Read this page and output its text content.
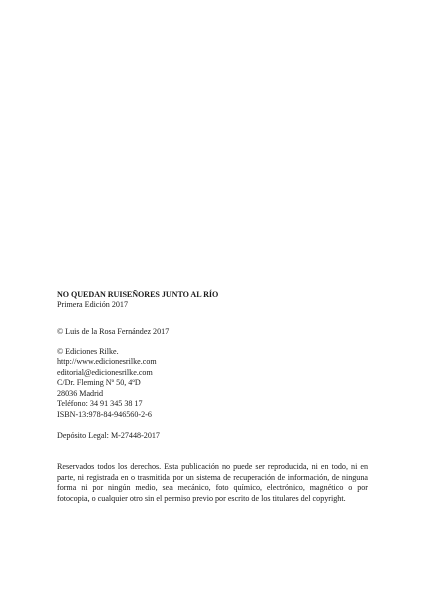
NO QUEDAN RUISEÑORES JUNTO AL RÍO
Primera Edición 2017
© Luis de la Rosa Fernández 2017
© Ediciones Rilke.
http://www.edicionesrilke.com
editorial@edicionesrilke.com
C/Dr. Fleming Nº 50, 4ºD
28036 Madrid
Teléfono: 34 91 345 38 17
ISBN-13:978-84-946560-2-6
Depósito Legal: M-27448-2017
Reservados todos los derechos. Esta publicación no puede ser reproducida, ni en todo, ni en
parte, ni registrada en o trasmitida por un sistema de recuperación de información, de ninguna
forma ni por ningún medio, sea mecánico, foto químico, electrónico, magnético o por
fotocopia, o cualquier otro sin el permiso previo por escrito de los titulares del copyright.
